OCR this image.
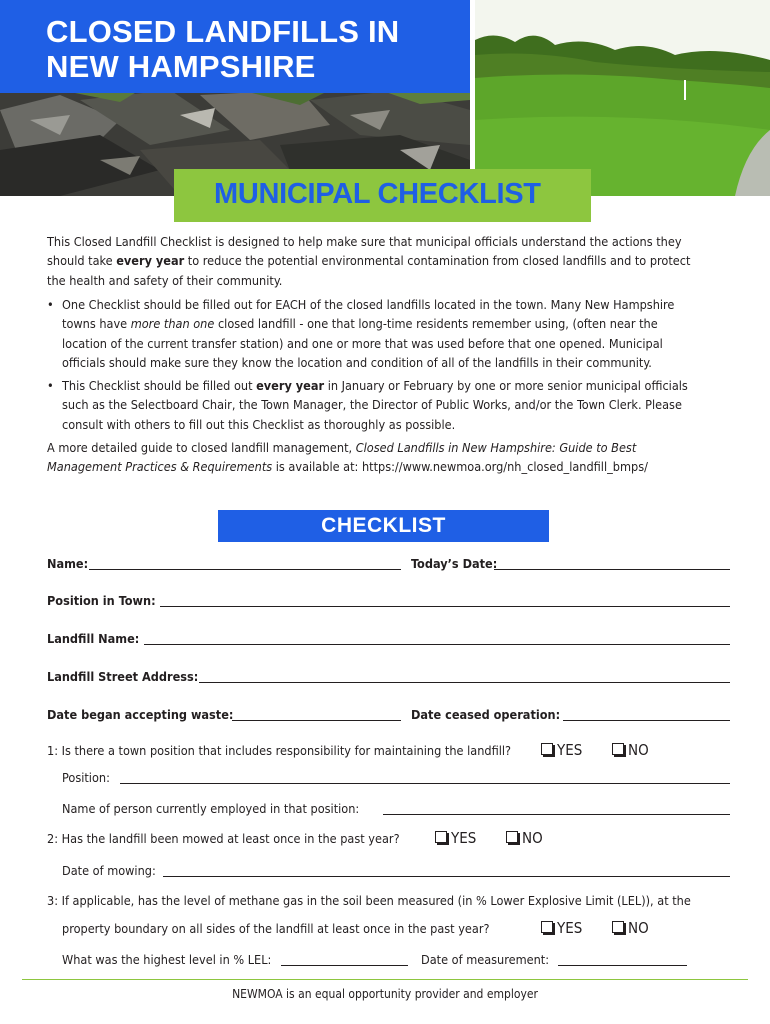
CLOSED LANDFILLS IN
NEW HAMPSHIRE
MUNICIPAL CHECKLIST

This Closed Landfill Checklist is designed to help make sure that municipal officials understand the actions they
should take every year to reduce the potential environmental contamination from closed landfills and to protect
the health and safety of their community.

• One Checklist should be filled out for EACH of the closed landfills located in the town. Many New Hampshire
towns have more than one closed landfill - one that long-time residents remember using, (often near the
location of the current transfer station) and one or more that was used before that one opened. Municipal
officials should make sure they know the location and condition of all of the landfills in their community.
• This Checklist should be filled out every year in January or February by one or more senior municipal officials
such as the Selectboard Chair, the Town Manager, the Director of Public Works, and/or the Town Clerk. Please
consult with others to fill out this Checklist as thoroughly as possible.

A more detailed guide to closed landfill management, Closed Landfills in New Hampshire: Guide to Best
Management Practices & Requirements is available at: https://www.newmoa.org/nh_closed_landfill_bmps/

CHECKLIST
Name:	Today’s Date:
Position in Town:
Landfill Name:
Landfill Street Address:
Date began accepting waste:	Date ceased operation:
1: Is there a town position that includes responsibility for maintaining the landfill?	YES	NO
Position:
Name of person currently employed in that position:
2: Has the landfill been mowed at least once in the past year?	YES	NO
Date of mowing:
3: If applicable, has the level of methane gas in the soil been measured (in % Lower Explosive Limit (LEL)), at the
property boundary on all sides of the landfill at least once in the past year?	YES	NO
What was the highest level in % LEL:	Date of measurement:
NEWMOA is an equal opportunity provider and employer
